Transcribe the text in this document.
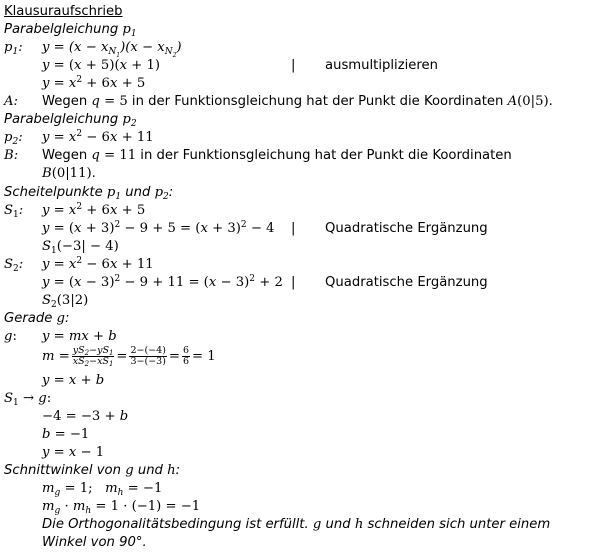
Klausuraufschrieb
Parabelgleichung $p_1$
$p_1$: $y = (x - x_{N_1})(x - x_{N_2})$
y = (x + 5)(x + 1)	| ausmultiplizieren
$y = x^2 + 6x + 5$
A: Wegen q = 5 in der Funktionsgleichung hat der Punkt die Koordinaten A(0|5).
Parabelgleichung $p_2$
$p_2$: $y = x^2 - 6x + 11$
B: Wegen q = 11 in der Funktionsgleichung hat der Punkt die Koordinaten
B(0|11).
Scheitelpunkte $p_1$ und $p_2$:
$S_1$: $y = x^2 + 6x + 5$
$y = (x + 3)^2 - 9 + 5 = (x + 3)^2 - 4$ | Quadratische Ergänzung
$S_1(-3| - 4)$
$S_2$: $y = x^2 - 6x + 11$
$y = (x - 3)^2 - 9 + 11 = (x - 3)^2 + 2$ | Quadratische Ergänzung
$S_2(3|2)$
Gerade g:
g: y = mx + b
$m = \frac{yS_2-yS_1}{xS_2-xS_1} = \frac{2-(-4)}{3-(-3)} = \frac{6}{6} = 1$
y = x + b
$S_1 \to g$:
−4 = −3 + b
b = −1
y = x − 1
Schnittwinkel von g und h:
$m_g = 1$;   $m_h = -1$
$m_g \cdot m_h = 1 \cdot (-1) = -1$
Die Orthogonalitätsbedingung ist erfüllt. g und h schneiden sich unter einem
Winkel von 90°.
